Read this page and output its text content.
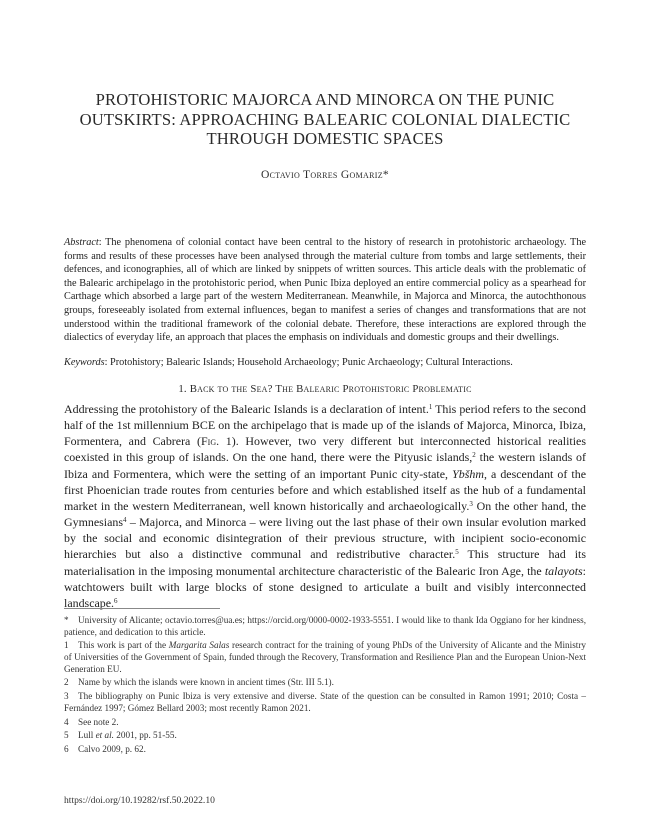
PROTOHISTORIC MAJORCA AND MINORCA ON THE PUNIC
OUTSKIRTS: APPROACHING BALEARIC COLONIAL DIALECTIC
THROUGH DOMESTIC SPACES
Octavio Torres Gomariz*
Abstract: The phenomena of colonial contact have been central to the history of research in protohistoric archaeology. The forms and results of these processes have been analysed through the material culture from tombs and large settlements, their defences, and iconographies, all of which are linked by snippets of written sources. This article deals with the problematic of the Balearic archipelago in the protohistoric period, when Punic Ibiza deployed an entire commercial policy as a spearhead for Carthage which absorbed a large part of the western Mediterranean. Meanwhile, in Majorca and Minorca, the autochthonous groups, foreseeably isolated from external influences, began to manifest a series of changes and transformations that are not understood within the traditional framework of the colonial debate. Therefore, these interactions are explored through the dialectics of everyday life, an approach that places the emphasis on individuals and domestic groups and their dwellings.
Keywords: Protohistory; Balearic Islands; Household Archaeology; Punic Archaeology; Cultural Interactions.
1. Back to the Sea? The Balearic Protohistoric Problematic
Addressing the protohistory of the Balearic Islands is a declaration of intent.$^1$ This period refers to the second half of the 1st millennium BCE on the archipelago that is made up of the islands of Majorca, Minorca, Ibiza, Formentera, and Cabrera (Fig. 1). However, two very different but interconnected historical realities coexisted in this group of islands. On the one hand, there were the Pityusic islands,$^2$ the western islands of Ibiza and Formentera, which were the setting of an important Punic city-state, Ybšhm, a descendant of the first Phoenician trade routes from centuries before and which established itself as the hub of a fundamental market in the western Mediterranean, well known historically and archaeologically.$^3$ On the other hand, the Gymnesians$^4$ – Majorca, and Minorca – were living out the last phase of their own insular evolution marked by the social and economic disintegration of their previous structure, with incipient socio-economic hierarchies but also a distinctive communal and redistributive character.$^5$ This structure had its materialisation in the imposing monumental architecture characteristic of the Balearic Iron Age, the talayots: watchtowers built with large blocks of stone designed to articulate a built and visibly interconnected landscape.$^6$
* University of Alicante; octavio.torres@ua.es; https://orcid.org/0000-0002-1933-5551. I would like to thank Ida Oggiano for her kindness, patience, and dedication to this article.
1 This work is part of the Margarita Salas research contract for the training of young PhDs of the University of Alicante and the Ministry of Universities of the Government of Spain, funded through the Recovery, Transformation and Resilience Plan and the European Union-Next Generation EU.
2 Name by which the islands were known in ancient times (Str. III 5.1).
3 The bibliography on Punic Ibiza is very extensive and diverse. State of the question can be consulted in Ramon 1991; 2010; Costa – Fernández 1997; Gómez Bellard 2003; most recently Ramon 2021.
4 See note 2.
5 Lull et al. 2001, pp. 51-55.
6 Calvo 2009, p. 62.
https://doi.org/10.19282/rsf.50.2022.10
